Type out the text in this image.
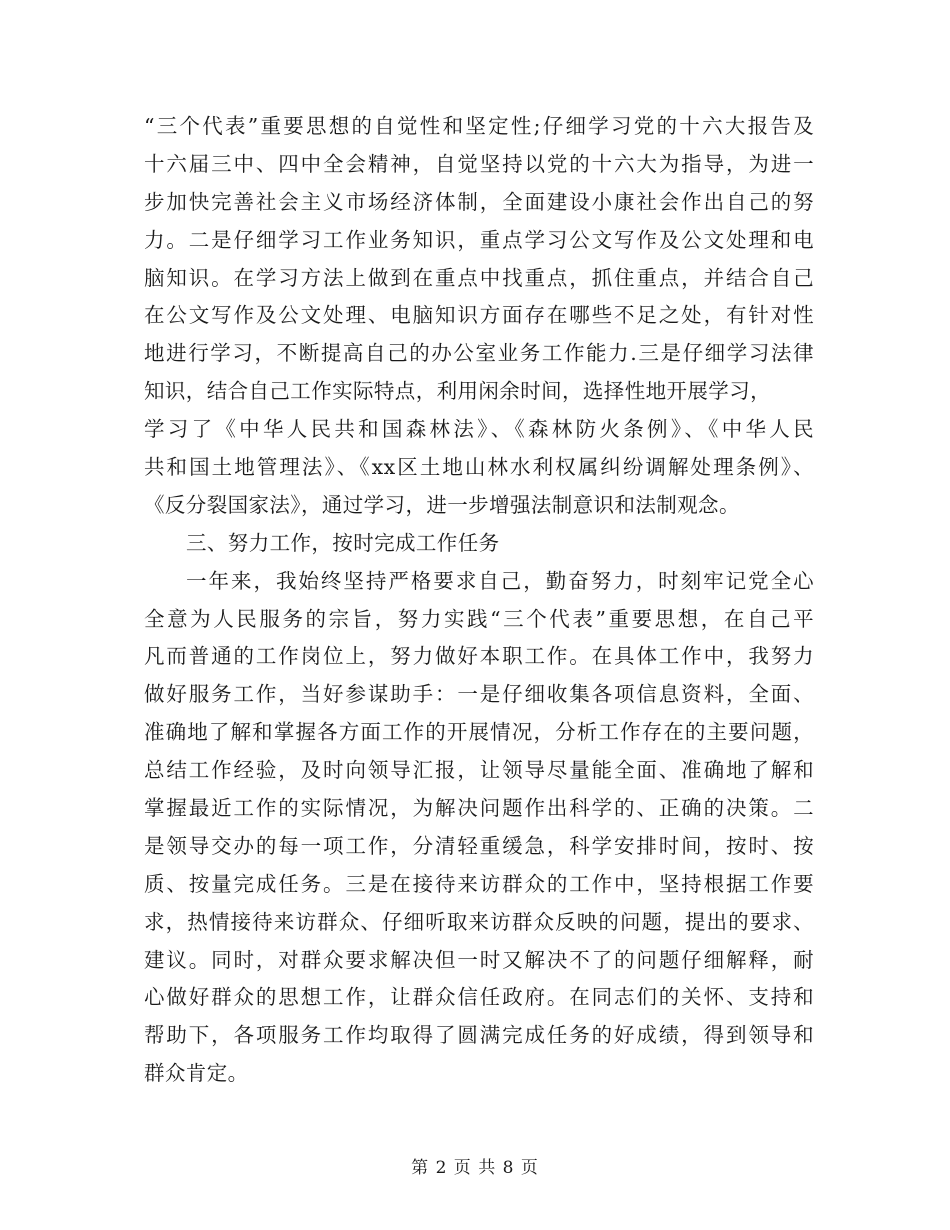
“三个代表”重要思想的自觉性和坚定性;仔细学习党的十六大报告及
十六届三中、四中全会精神，自觉坚持以党的十六大为指导，为进一
步加快完善社会主义市场经济体制，全面建设小康社会作出自己的努
力。二是仔细学习工作业务知识，重点学习公文写作及公文处理和电
脑知识。在学习方法上做到在重点中找重点，抓住重点，并结合自己
在公文写作及公文处理、电脑知识方面存在哪些不足之处，有针对性
地进行学习，不断提高自己的办公室业务工作能力.三是仔细学习法律
知识，结合自己工作实际特点，利用闲余时间，选择性地开展学习，
学习了《中华人民共和国森林法》、《森林防火条例》、《中华人民
共和国土地管理法》、《xx区土地山林水利权属纠纷调解处理条例》、
《反分裂国家法》，通过学习，进一步增强法制意识和法制观念。
三、努力工作，按时完成工作任务
一年来，我始终坚持严格要求自己，勤奋努力，时刻牢记党全心
全意为人民服务的宗旨，努力实践“三个代表”重要思想，在自己平
凡而普通的工作岗位上，努力做好本职工作。在具体工作中，我努力
做好服务工作，当好参谋助手：一是仔细收集各项信息资料，全面、
准确地了解和掌握各方面工作的开展情况，分析工作存在的主要问题，
总结工作经验，及时向领导汇报，让领导尽量能全面、准确地了解和
掌握最近工作的实际情况，为解决问题作出科学的、正确的决策。二
是领导交办的每一项工作，分清轻重缓急，科学安排时间，按时、按
质、按量完成任务。三是在接待来访群众的工作中，坚持根据工作要
求，热情接待来访群众、仔细听取来访群众反映的问题，提出的要求、
建议。同时，对群众要求解决但一时又解决不了的问题仔细解释，耐
心做好群众的思想工作，让群众信任政府。在同志们的关怀、支持和
帮助下，各项服务工作均取得了圆满完成任务的好成绩，得到领导和
群众肯定。
第 2 页 共 8 页
